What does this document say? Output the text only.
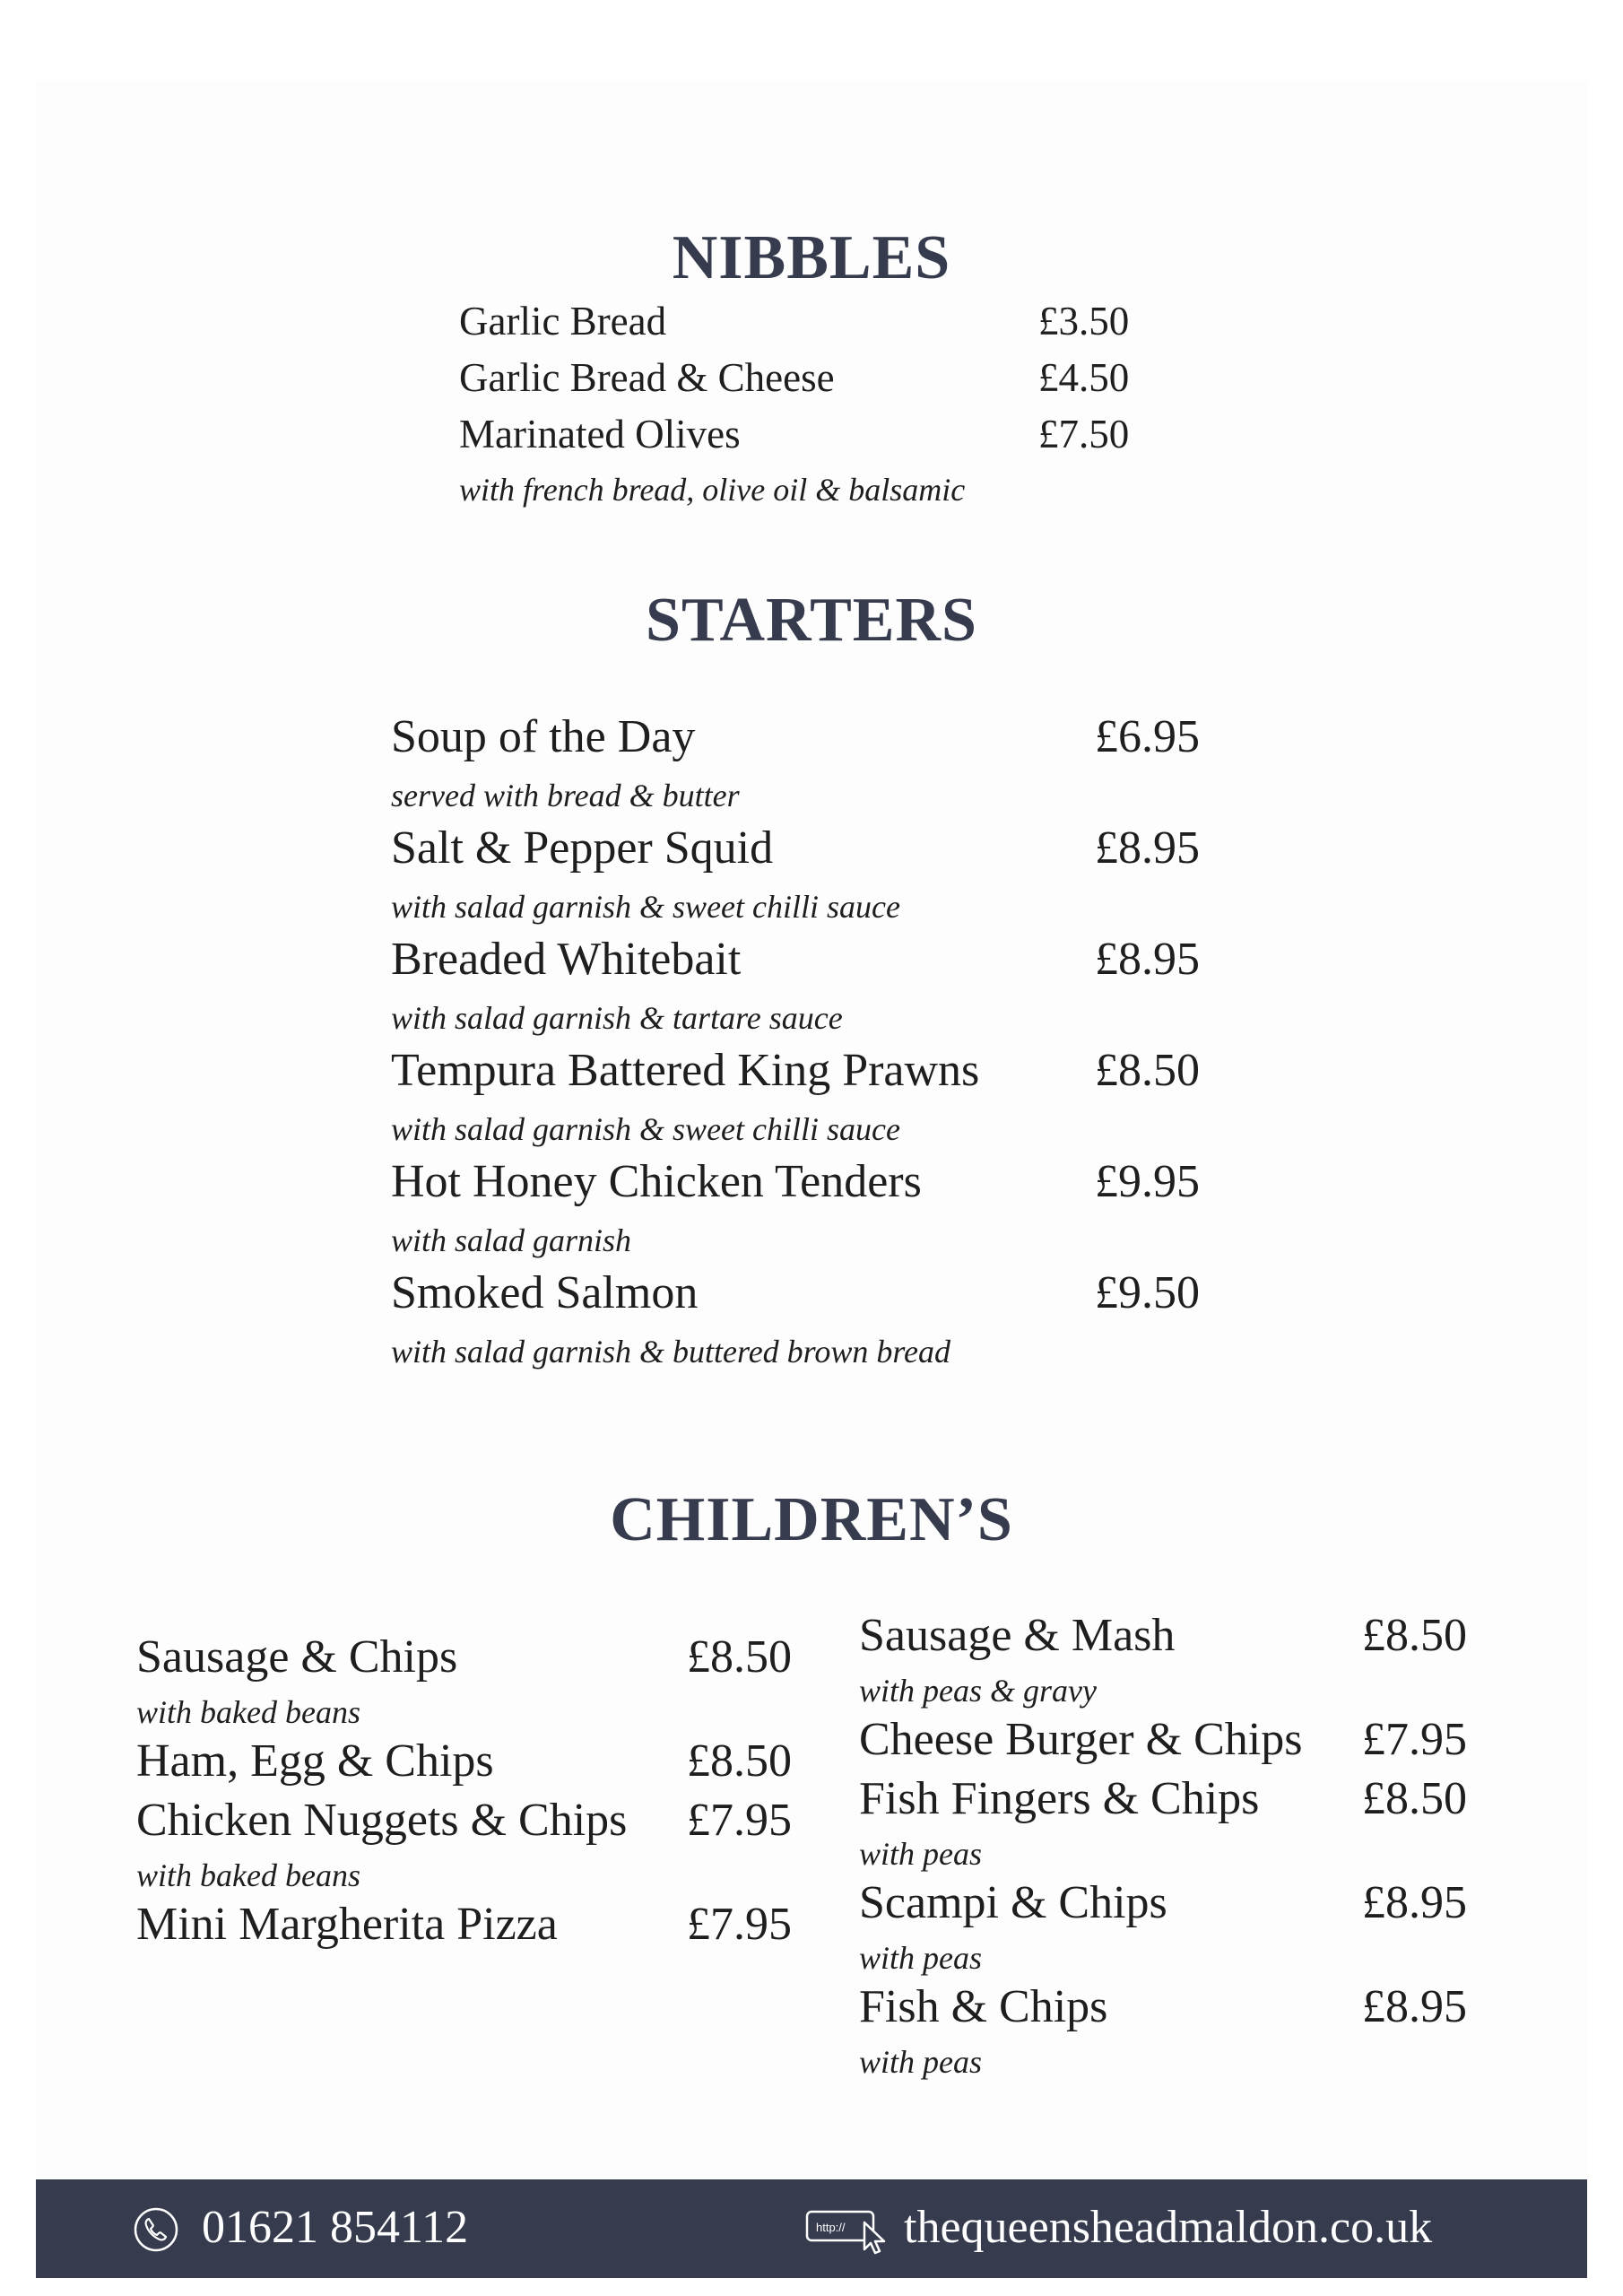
NIBBLES
Garlic Bread	£3.50
Garlic Bread & Cheese	£4.50
Marinated Olives	£7.50
with french bread, olive oil & balsamic
STARTERS
Soup of the Day	£6.95
served with bread & butter
Salt & Pepper Squid	£8.95
with salad garnish & sweet chilli sauce
Breaded Whitebait	£8.95
with salad garnish & tartare sauce
Tempura Battered King Prawns £8.50
with salad garnish & sweet chilli sauce
Hot Honey Chicken Tenders	£9.95
with salad garnish
Smoked Salmon	£9.50
with salad garnish & buttered brown bread
CHILDREN’S
Sausage & Chips	£8.50
with baked beans
Ham, Egg & Chips	£8.50
Chicken Nuggets & Chips £7.95
with baked beans
Mini Margherita Pizza	£7.95
Sausage & Mash	£8.50
with peas & gravy
Cheese Burger & Chips £7.95
Fish Fingers & Chips £8.50
with peas
Scampi & Chips	£8.95
with peas
Fish & Chips	£8.95
with peas
01621 854112	http:// thequeensheadmaldon.co.uk
